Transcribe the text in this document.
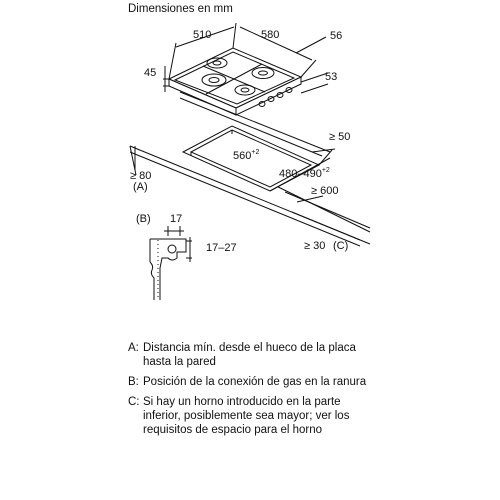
Dimensiones en mm
510	580	56
45	53
≥ 50
$560^{+2}$
$480-490^{+2}$
≥ 80
(A)	≥ 600
(B) 17
17–27	≥ 30 (C)
A: Distancia mín. desde el hueco de la placa hasta la pared
B: Posición de la conexión de gas en la ranura
C: Si hay un horno introducido en la parte inferior, posiblemente sea mayor; ver los requisitos de espacio para el horno
